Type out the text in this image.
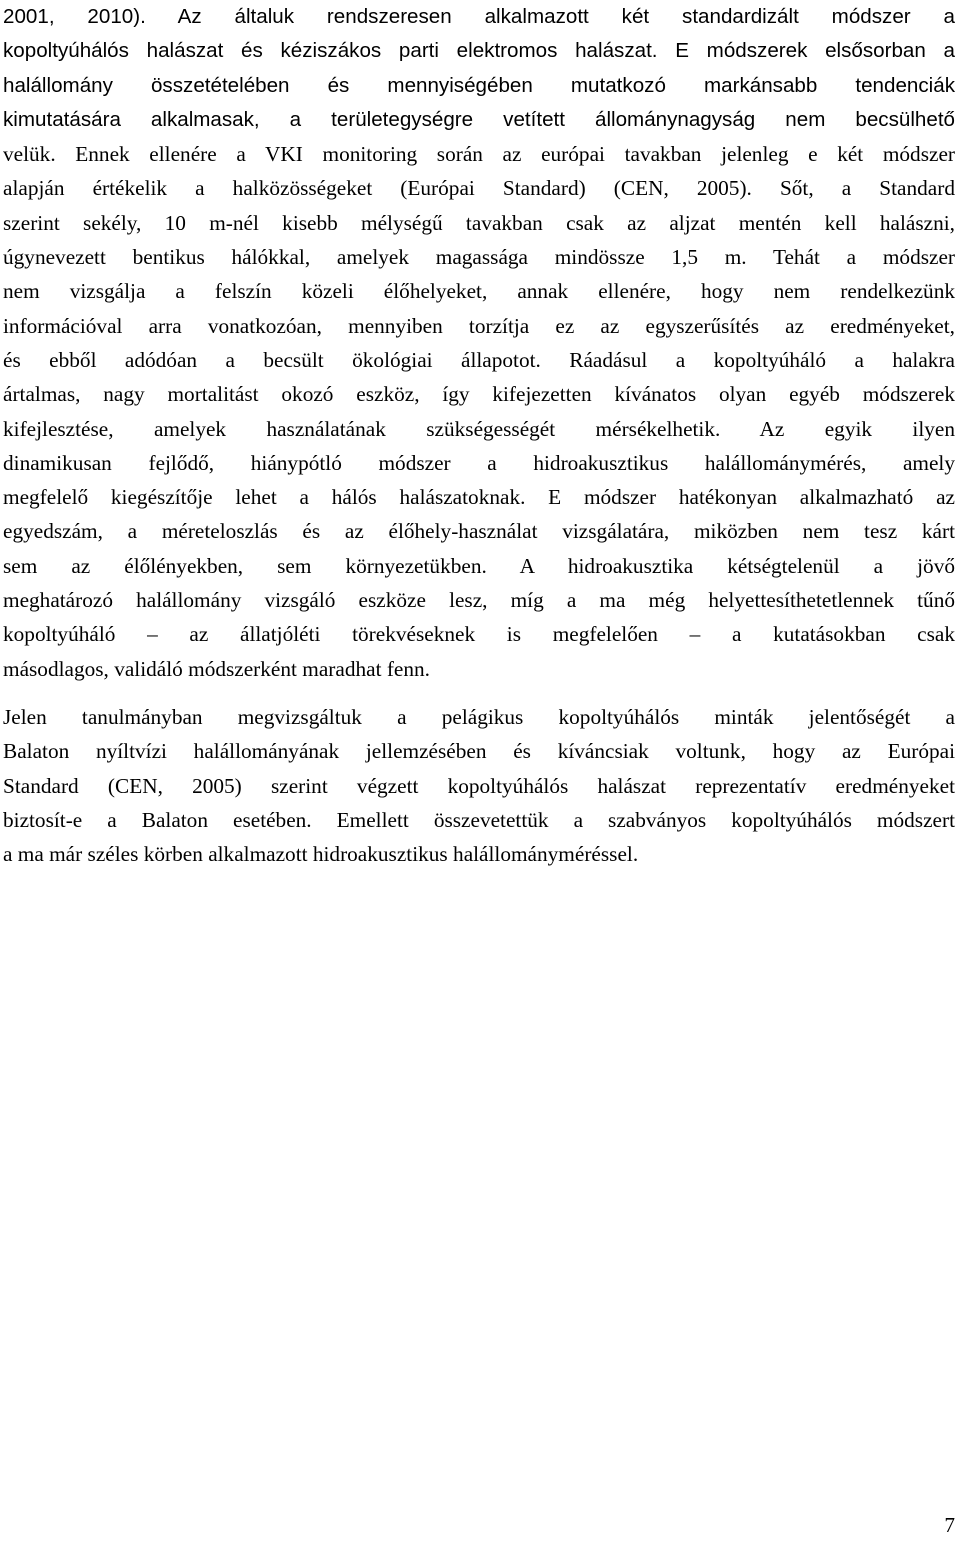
2001, 2010). Az általuk rendszeresen alkalmazott két standardizált módszer a
kopoltyúhálós halászat és kéziszákos parti elektromos halászat. E módszerek elsősorban a
halállomány összetételében és mennyiségében mutatkozó markánsabb tendenciák
kimutatására alkalmasak, a területegységre vetített állománynagyság nem becsülhető
velük. Ennek ellenére a VKI monitoring során az európai tavakban jelenleg e két módszer
alapján értékelik a halközösségeket (Európai Standard) (CEN, 2005). Sőt, a Standard
szerint sekély, 10 m-nél kisebb mélységű tavakban csak az aljzat mentén kell halászni,
úgynevezett bentikus hálókkal, amelyek magassága mindössze 1,5 m. Tehát a módszer
nem vizsgálja a felszín közeli élőhelyeket, annak ellenére, hogy nem rendelkezünk
információval arra vonatkozóan, mennyiben torzítja ez az egyszerűsítés az eredményeket,
és ebből adódóan a becsült ökológiai állapotot. Ráadásul a kopoltyúháló a halakra
ártalmas, nagy mortalitást okozó eszköz, így kifejezetten kívánatos olyan egyéb módszerek
kifejlesztése, amelyek használatának szükségességét mérsékelhetik. Az egyik ilyen
dinamikusan fejlődő, hiánypótló módszer a hidroakusztikus halállománymérés, amely
megfelelő kiegészítője lehet a hálós halászatoknak. E módszer hatékonyan alkalmazható az
egyedszám, a méreteloszlás és az élőhely-használat vizsgálatára, miközben nem tesz kárt
sem az élőlényekben, sem környezetükben. A hidroakusztika kétségtelenül a jövő
meghatározó halállomány vizsgáló eszköze lesz, míg a ma még helyettesíthetetlennek tűnő
kopoltyúháló – az állatjóléti törekvéseknek is megfelelően – a kutatásokban csak
másodlagos, validáló módszerként maradhat fenn.
Jelen tanulmányban megvizsgáltuk a pelágikus kopoltyúhálós minták jelentőségét a
Balaton nyíltvízi halállományának jellemzésében és kíváncsiak voltunk, hogy az Európai
Standard (CEN, 2005) szerint végzett kopoltyúhálós halászat reprezentatív eredményeket
biztosít-e a Balaton esetében. Emellett összevetettük a szabványos kopoltyúhálós módszert
a ma már széles körben alkalmazott hidroakusztikus halállományméréssel.
7
